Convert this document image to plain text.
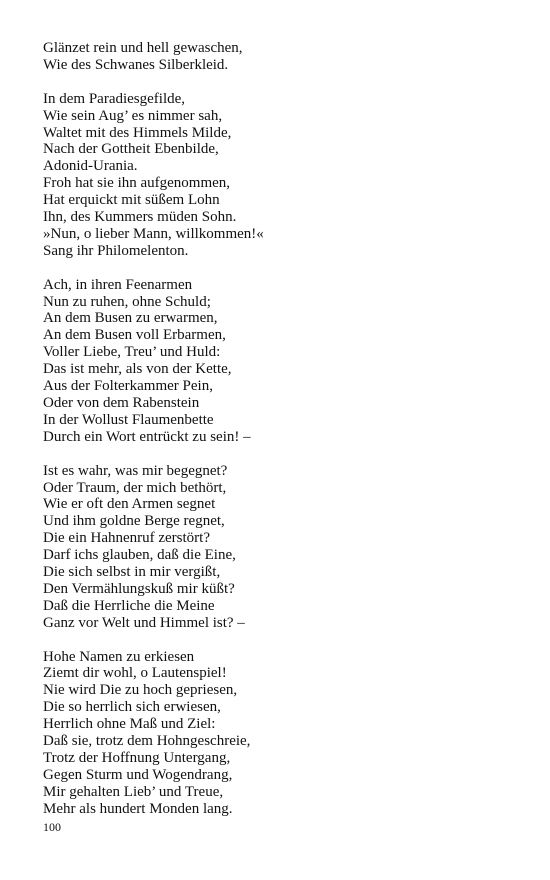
Glänzet rein und hell gewaschen,
Wie des Schwanes Silberkleid.
In dem Paradiesgefilde,
Wie sein Aug’ es nimmer sah,
Waltet mit des Himmels Milde,
Nach der Gottheit Ebenbilde,
Adonid-Urania.
Froh hat sie ihn aufgenommen,
Hat erquickt mit süßem Lohn
Ihn, des Kummers müden Sohn.
»Nun, o lieber Mann, willkommen!«
Sang ihr Philomelenton.
Ach, in ihren Feenarmen
Nun zu ruhen, ohne Schuld;
An dem Busen zu erwarmen,
An dem Busen voll Erbarmen,
Voller Liebe, Treu’ und Huld:
Das ist mehr, als von der Kette,
Aus der Folterkammer Pein,
Oder von dem Rabenstein
In der Wollust Flaumenbette
Durch ein Wort entrückt zu sein! –
Ist es wahr, was mir begegnet?
Oder Traum, der mich bethört,
Wie er oft den Armen segnet
Und ihm goldne Berge regnet,
Die ein Hahnenruf zerstört?
Darf ichs glauben, daß die Eine,
Die sich selbst in mir vergißt,
Den Vermählungskuß mir küßt?
Daß die Herrliche die Meine
Ganz vor Welt und Himmel ist? –
Hohe Namen zu erkiesen
Ziemt dir wohl, o Lautenspiel!
Nie wird Die zu hoch gepriesen,
Die so herrlich sich erwiesen,
Herrlich ohne Maß und Ziel:
Daß sie, trotz dem Hohngeschreie,
Trotz der Hoffnung Untergang,
Gegen Sturm und Wogendrang,
Mir gehalten Lieb’ und Treue,
Mehr als hundert Monden lang.
100
